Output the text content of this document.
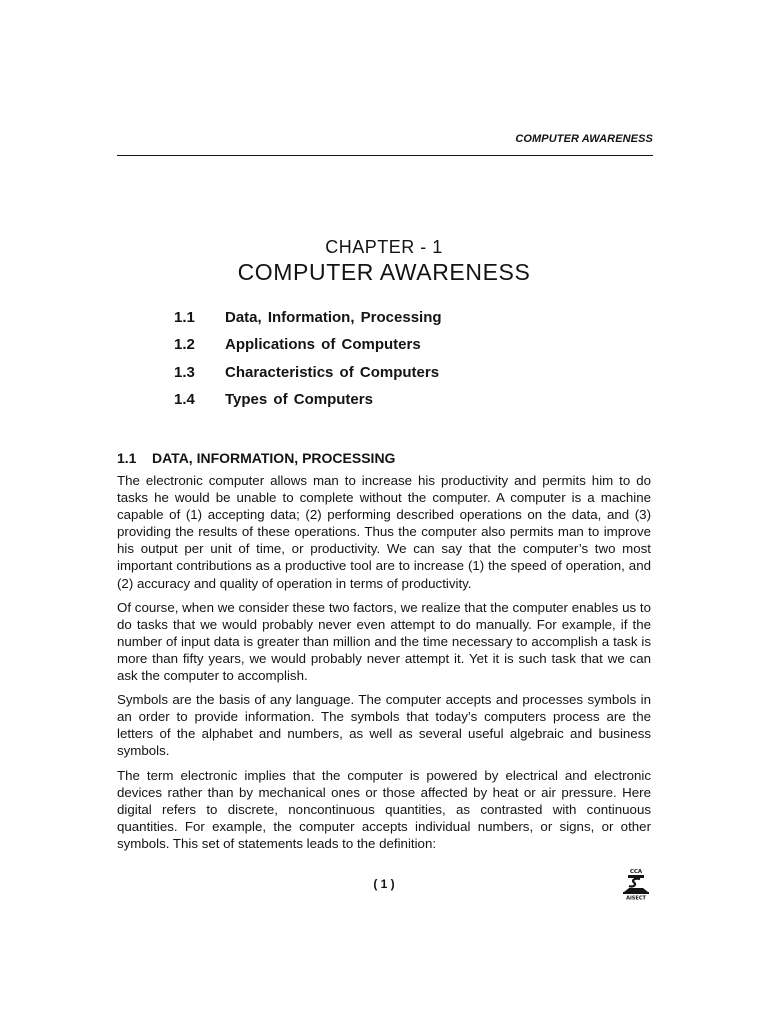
COMPUTER AWARENESS
CHAPTER - 1
COMPUTER AWARENESS
1.1 Data, Information, Processing
1.2 Applications of Computers
1.3 Characteristics of Computers
1.4 Types of Computers
1.1 DATA, INFORMATION, PROCESSING

The electronic computer allows man to increase his productivity and permits him to do tasks he would be unable to complete without the computer. A computer is a machine capable of (1) accepting data; (2) performing described operations on the data, and (3) providing the results of these operations. Thus the computer also permits man to improve his output per unit of time, or productivity. We can say that the computer’s two most important contributions as a productive tool are to increase (1) the speed of operation, and (2) accuracy and quality of operation in terms of productivity.

Of course, when we consider these two factors, we realize that the computer enables us to do tasks that we would probably never even attempt to do manually. For example, if the number of input data is greater than million and the time necessary to accomplish a task is more than fifty years, we would probably never attempt it. Yet it is such task that we can ask the computer to accomplish.

Symbols are the basis of any language. The computer accepts and processes symbols in an order to provide information. The symbols that today’s computers process are the letters of the alphabet and numbers, as well as several useful algebraic and business symbols.

The term electronic implies that the computer is powered by electrical and electronic devices rather than by mechanical ones or those affected by heat or air pressure. Here digital refers to discrete, noncontinuous quantities, as contrasted with continuous quantities. For example, the computer accepts individual numbers, or signs, or other symbols. This set of statements leads to the definition:

( 1 )
CCA
AISECT
